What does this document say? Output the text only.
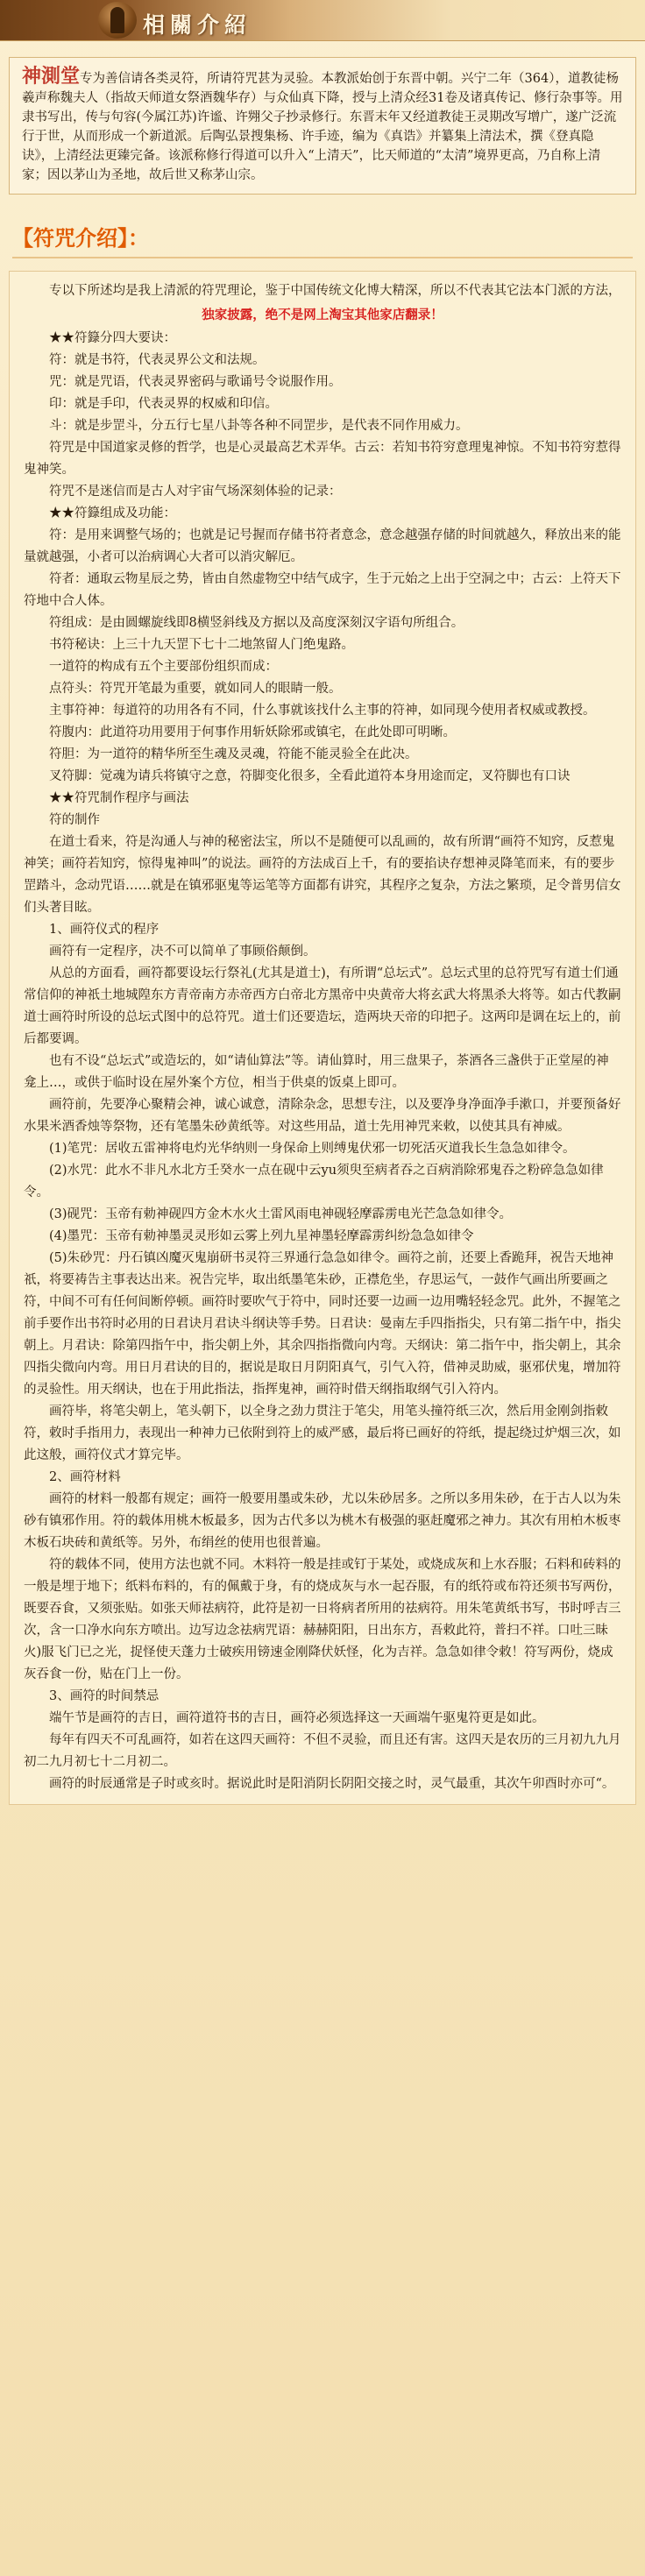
相關介紹
神測堂专为善信请各类灵符，所请符咒甚为灵验。本教派始创于东晋中朝。兴宁二年（364），道教徒杨羲声称魏夫人（指故天师道女祭酒魏华存）与众仙真下降，授与上清众经31卷及诸真传记、修行杂事等。用隶书写出，传与句容(今属江苏)许谧、许翙父子抄录修行。东晋末年又经道教徒王灵期改写增广，遂广泛流行于世，从而形成一个新道派。后陶弘景搜集杨、许手迹，编为《真诰》并纂集上清法术，撰《登真隐诀》，上清经法更臻完备。该派称修行得道可以升入“上清天”，比天师道的“太清”境界更高，乃自称上清家；因以茅山为圣地，故后世又称茅山宗。
【符咒介绍】：

专以下所述均是我上清派的符咒理论，鉴于中国传统文化博大精深，所以不代表其它法本门派的方法，

独家披露，绝不是网上淘宝其他家店翻录！

★★符籙分四大要诀：

符：就是书符，代表灵界公文和法规。

咒：就是咒语，代表灵界密码与歌诵号令说服作用。

印：就是手印，代表灵界的权威和印信。

斗：就是步罡斗，分五行七星八卦等各种不同罡步，是代表不同作用威力。

符咒是中国道家灵修的哲学，也是心灵最高艺术弄华。古云：若知书符穷意理鬼神惊。不知书符穷惹得鬼神笑。

符咒不是迷信而是古人对宇宙气场深刻体验的记录：

★★符籙组成及功能：

符：是用来调整气场的；也就是记号握而存储书符者意念，意念越强存储的时间就越久，释放出来的能量就越强，小者可以治病调心大者可以消灾解厄。

符者：通取云物星辰之势，皆由自然虚物空中结气成字，生于元始之上出于空洞之中；古云：上符天下符地中合人体。

符组成：是由圆螺旋线即8横竖斜线及方据以及高度深刻汉字语句所组合。

书符秘诀：上三十九天罡下七十二地煞留人门绝鬼路。

一道符的构成有五个主要部份组织而成：

点符头：符咒开笔最为重要，就如同人的眼睛一般。

主事符神：每道符的功用各有不同，什么事就该找什么主事的符神，如同现今使用者权威或教授。

符腹内：此道符功用要用于何事作用斩妖除邪或镇宅，在此处即可明晰。

符胆：为一道符的精华所至生魂及灵魂，符能不能灵验全在此决。

叉符脚：觉魂为请兵将镇守之意，符脚变化很多，全看此道符本身用途而定，叉符脚也有口诀

★★符咒制作程序与画法

符的制作

在道士看来，符是沟通人与神的秘密法宝，所以不是随便可以乱画的，故有所谓“画符不知窍，反惹鬼神笑；画符若知窍，惊得鬼神叫”的说法。画符的方法成百上千，有的要掐诀存想神灵降笔而来，有的要步罡踏斗，念动咒语……就是在镇邪驱鬼等运笔等方面都有讲究，其程序之复杂，方法之繁琐，足令普男信女们头著目眩。

1、画符仪式的程序

画符有一定程序，决不可以简单了事顾俗颠倒。

从总的方面看，画符都要设坛行祭礼(尤其是道士)，有所谓“总坛式”。总坛式里的总符咒写有道士们通常信仰的神祇土地城隍东方青帝南方赤帝西方白帝北方黑帝中央黄帝大将玄武大将黑杀大将等。如古代教嗣道士画符时所设的总坛式图中的总符咒。道士们还要造坛，造两块天帝的印把子。这两印是调在坛上的，前后都要调。

也有不设“总坛式”或造坛的，如“请仙算法”等。请仙算时，用三盘果子，茶酒各三盏供于正堂屋的神龛上…，或供于临时设在屋外案个方位，相当于供桌的饭桌上即可。

画符前，先要净心聚精会神，诚心诚意，清除杂念，思想专注，以及要净身净面净手漱口，并要预备好水果米酒香烛等祭物，还有笔墨朱砂黄纸等。对这些用品，道士先用神咒来敕，以使其具有神威。

(1)笔咒：居收五雷神将电灼光华纳则一身保命上则缚鬼伏邪一切死活灭道我长生急急如律令。

(2)水咒：此水不非凡水北方壬癸水一点在砚中云yu须臾至病者吞之百病消除邪鬼吞之粉碎急急如律令。

(3)砚咒：玉帝有勅神砚四方金木水火土雷风雨电神砚轻摩霹雳电光芒急急如律令。

(4)墨咒：玉帝有勅神墨灵灵形如云雾上列九星神墨轻摩霹雳纠纷急急如律令

(5)朱砂咒：丹石镇凶魔灭鬼崩研书灵符三界通行急急如律令。画符之前，还要上香跪拜，祝告天地神祇，将要祷告主事表达出来。祝告完毕，取出纸墨笔朱砂，正襟危坐，存思运气，一鼓作气画出所要画之符，中间不可有任何间断停顿。画符时要吹气于符中，同时还要一边画一边用嘴轻轻念咒。此外，不握笔之前手要作出书符时必用的日君诀月君诀斗纲诀等手势。日君诀：曼南左手四指指尖，只有第二指午中，指尖朝上。月君诀：除第四指午中，指尖朝上外，其余四指指微向内弯。天纲诀：第二指午中，指尖朝上，其余四指尖微向内弯。用日月君诀的目的，据说是取日月阴阳真气，引气入符，借神灵助威，驱邪伏鬼，增加符的灵验性。用天纲诀，也在于用此指法，指挥鬼神，画符时借天纲指取纲气引入符内。

画符毕，将笔尖朝上，笔头朝下，以全身之劲力贯注于笔尖，用笔头撞符纸三次，然后用金刚剑指敕符，敕时手指用力，表现出一种神力已依附到符上的威严感，最后将已画好的符纸，提起绕过炉烟三次，如此这般，画符仪式才算完毕。

2、画符材料

画符的材料一般都有规定；画符一般要用墨或朱砂，尤以朱砂居多。之所以多用朱砂，在于古人以为朱砂有镇邪作用。符的载体用桃木板最多，因为古代多以为桃木有极强的驱赶魔邪之神力。其次有用柏木板枣木板石块砖和黄纸等。另外，布绢丝的使用也很普遍。

符的载体不同，使用方法也就不同。木料符一般是挂或钉于某处，或烧成灰和上水吞服；石料和砖料的一般是埋于地下；纸料布料的，有的佩戴于身，有的烧成灰与水一起吞服，有的纸符或布符还须书写两份，既要吞食，又须张贴。如张天师祛病符，此符是初一日将病者所用的祛病符。用朱笔黄纸书写，书时呼吉三次，含一口净水向东方喷出。边写边念祛病咒语：赫赫阳阳，日出东方，吾敕此符，普扫不祥。口吐三昧火)服飞门已之光，捉怪使天蓬力士破疾用镑速金刚降伏妖怪，化为吉祥。急急如律令敕！符写两份，烧成灰吞食一份，贴在门上一份。

3、画符的时间禁忌

端午节是画符的吉日，画符道符书的吉日，画符必须选择这一天画端午驱鬼符更是如此。

每年有四天不可乱画符，如若在这四天画符：不但不灵验，而且还有害。这四天是农历的三月初九九月初二九月初七十二月初二。

画符的时辰通常是子时或亥时。据说此时是阳消阴长阴阳交接之时，灵气最重，其次午卯酉时亦可“。
